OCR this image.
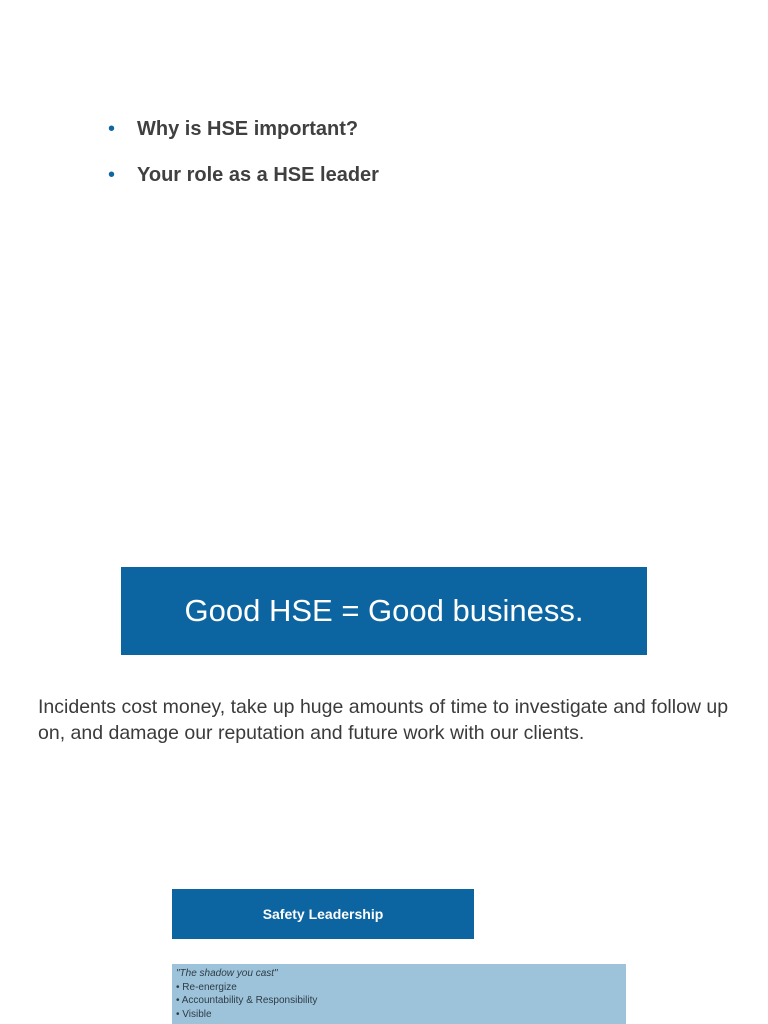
• Why is HSE important?
• Your role as a HSE leader
Good HSE = Good business.

Incidents cost money, take up huge amounts of time to investigate and follow up on, and damage our reputation and future work with our clients.

Safety Leadership
"The shadow you cast"
• Re-energize
• Accountability & Responsibility
• Visible
